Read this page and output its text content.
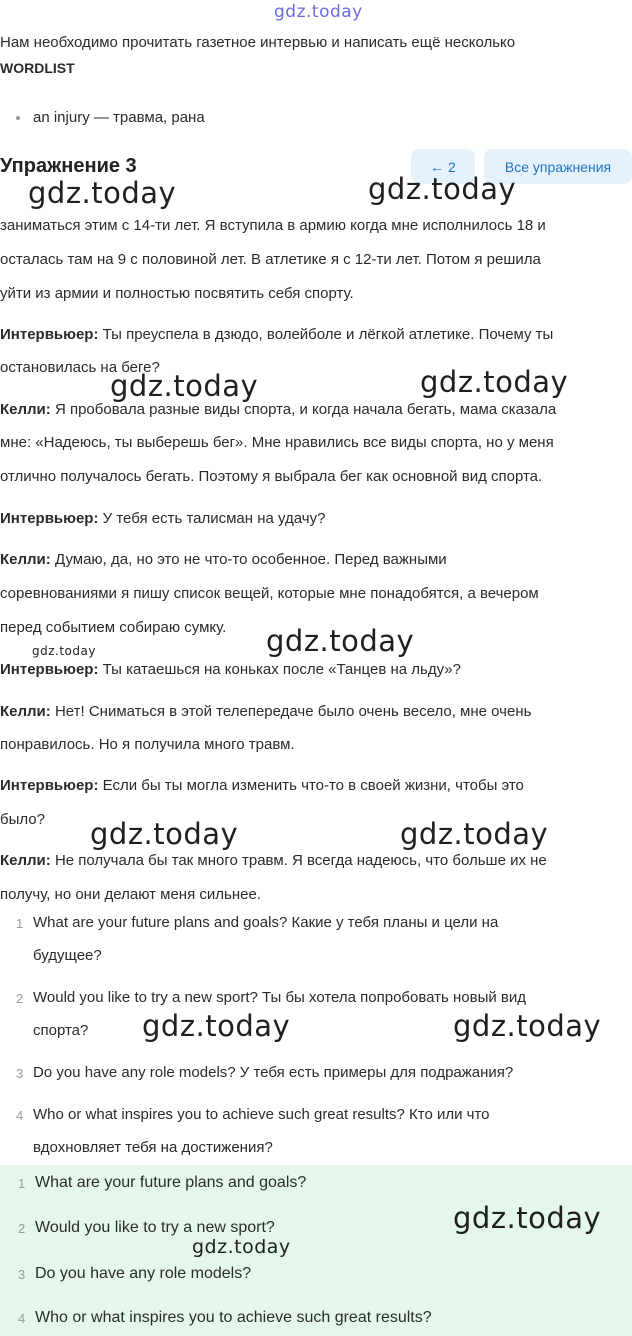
gdz.today
Нам необходимо прочитать газетное интервью и написать ещё несколько
WORDLIST
an injury — травма, рана
Упражнение 3	← 2	Все упражнения
заниматься этим с 14-ти лет. Я вступила в армию когда мне исполнилось 18 и
осталась там на 9 с половиной лет. В атлетике я с 12-ти лет. Потом я решила
уйти из армии и полностью посвятить себя спорту.
Интервьюер: Ты преуспела в дзюдо, волейболе и лёгкой атлетике. Почему ты
остановилась на беге?
Келли: Я пробовала разные виды спорта, и когда начала бегать, мама сказала
мне: «Надеюсь, ты выберешь бег». Мне нравились все виды спорта, но у меня
отлично получалось бегать. Поэтому я выбрала бег как основной вид спорта.
Интервьюер: У тебя есть талисман на удачу?
Келли: Думаю, да, но это не что-то особенное. Перед важными
соревнованиями я пишу список вещей, которые мне понадобятся, а вечером
перед событием собираю сумку.
Интервьюер: Ты катаешься на коньках после «Танцев на льду»?
Келли: Нет! Сниматься в этой телепередаче было очень весело, мне очень
понравилось. Но я получила много травм.
Интервьюер: Если бы ты могла изменить что-то в своей жизни, чтобы это
было?
Келли: Не получала бы так много травм. Я всегда надеюсь, что больше их не
получу, но они делают меня сильнее.
1 What are your future plans and goals? Какие у тебя планы и цели на
будущее?
2 Would you like to try a new sport? Ты бы хотела попробовать новый вид
спорта?
3 Do you have any role models? У тебя есть примеры для подражания?
4 Who or what inspires you to achieve such great results? Кто или что
вдохновляет тебя на достижения?
1 What are your future plans and goals?
2 Would you like to try a new sport?
3 Do you have any role models?
4 Who or what inspires you to achieve such great results?
gdz.today	gdz.today
gdz.today	gdz.today
gdz.today	gdz.today
gdz.today	gdz.today
gdz.today	gdz.today
gdz.today
gdz.today
